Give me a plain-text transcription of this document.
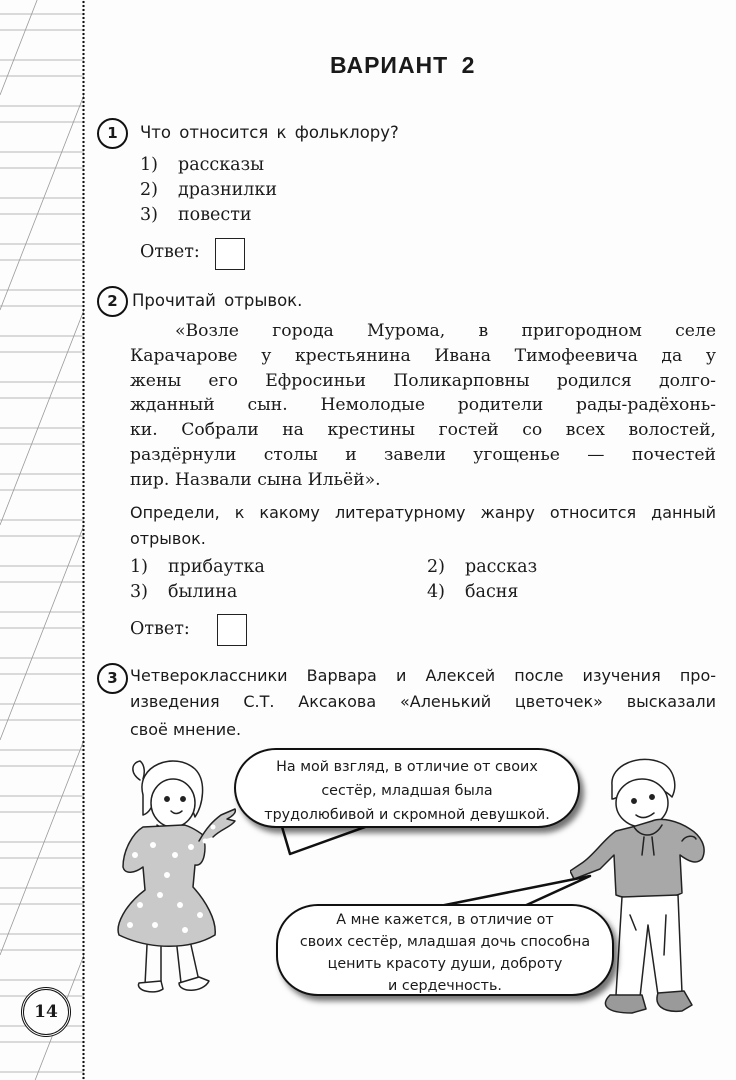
ВАРИАНТ 2
1	Что относится к фольклору?
1) рассказы
2) дразнилки
3) повести
Ответ:
2 Прочитай отрывок.
«Возле города Мурома, в пригородном селе
Карачарове у крестьянина Ивана Тимофеевича да у
жены его Ефросиньи Поликарповны родился долго-
жданный сын. Немолодые родители рады-радёхонь-
ки. Собрали на крестины гостей со всех волостей,
раздёрнули столы и завели угощенье — почестей
пир. Назвали сына Ильёй».
Определи, к какому литературному жанру относится данный
отрывок.
1) прибаутка	2) рассказ
3) былина	4) басня
Ответ:
3 Четвероклассники Варвара и Алексей после изучения про-
изведения С.Т. Аксакова «Аленький цветочек» высказали
своё мнение.
На мой взгляд, в отличие от своих
сестёр, младшая была
трудолюбивой и скромной девушкой.
А мне кажется, в отличие от
своих сестёр, младшая дочь способна
ценить красоту души, доброту
и сердечность.
14
